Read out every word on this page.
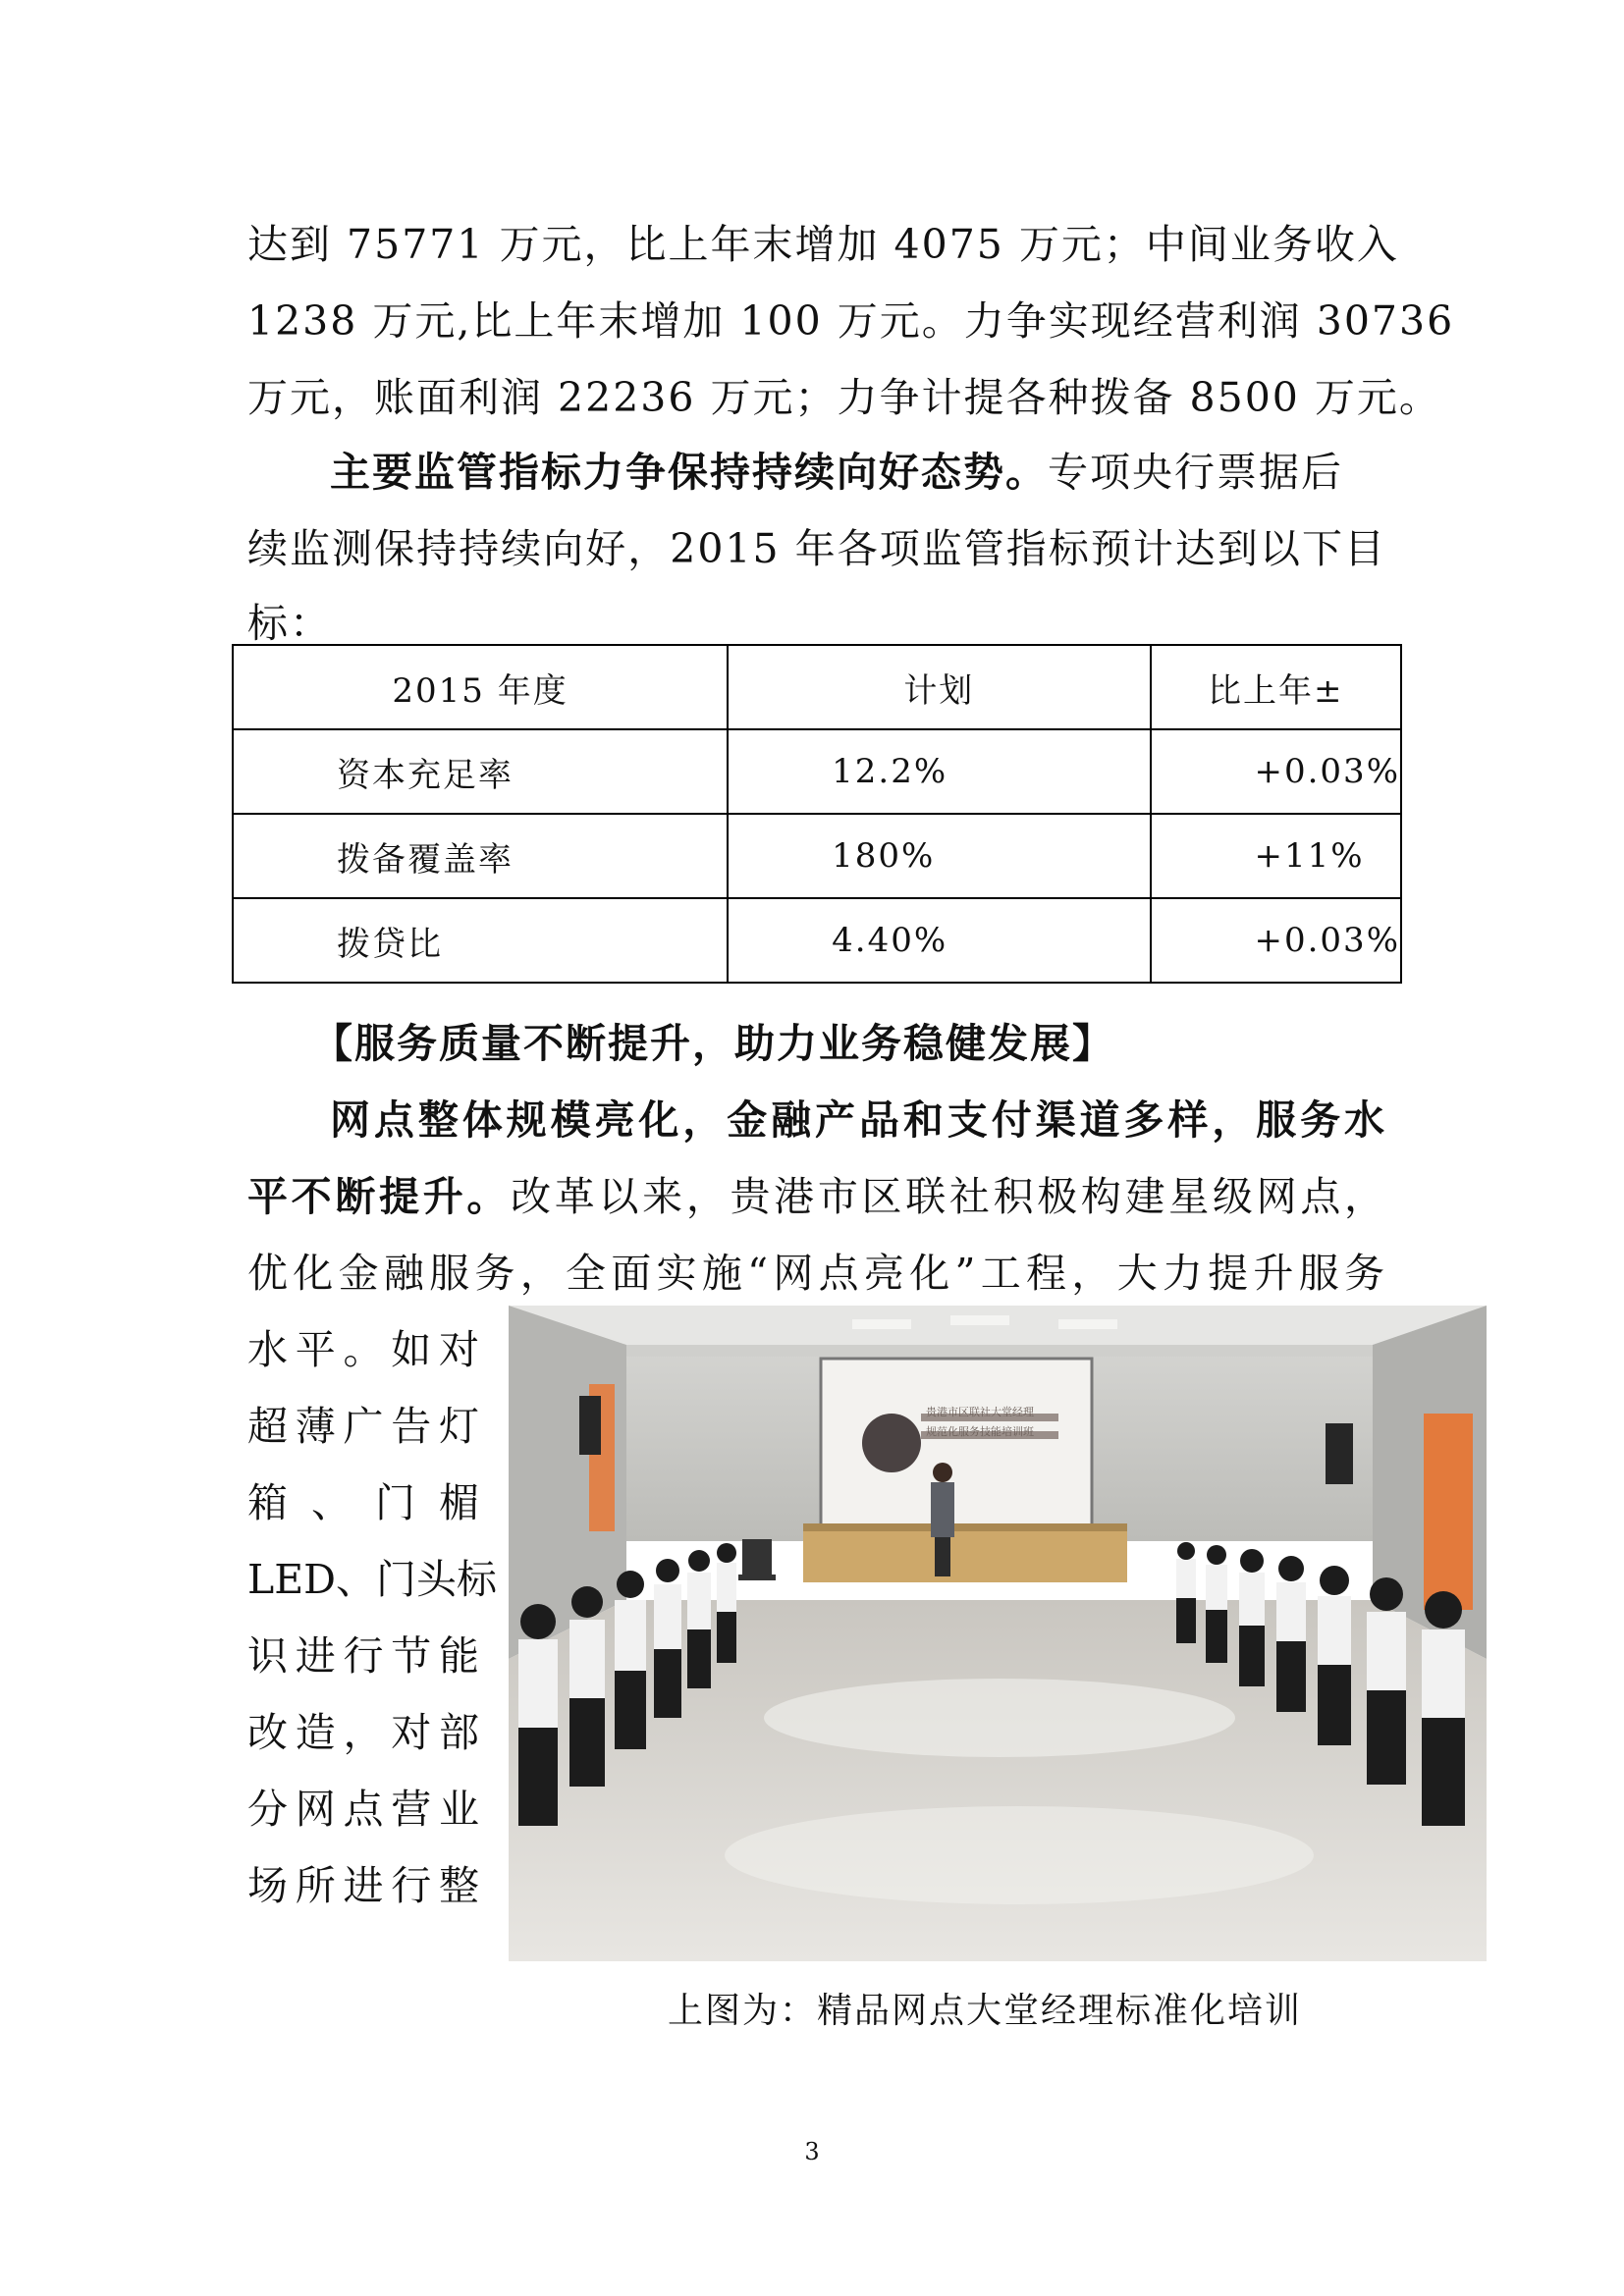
达到 75771 万元，比上年末增加 4075 万元；中间业务收入
1238 万元,比上年末增加 100 万元。力争实现经营利润 30736
万元，账面利润 22236 万元；力争计提各种拨备 8500 万元。
主要监管指标力争保持持续向好态势。专项央行票据后
续监测保持持续向好，2015 年各项监管指标预计达到以下目
标：
2015 年度	计划	比上年±
资本充足率	12.2%	+0.03%
拨备覆盖率	180%	+11%
拨贷比	4.40%	+0.03%
【服务质量不断提升，助力业务稳健发展】
网点整体规模亮化，金融产品和支付渠道多样，服务水
平不断提升。改革以来，贵港市区联社积极构建星级网点，
优化金融服务，全面实施“网点亮化”工程，大力提升服务
水平。如对
超薄广告灯
箱、门楣
LED、门头标
识进行节能
改造，对部
分网点营业
场所进行整
贵港市区联社大堂经理
规范化服务技能培训班
上图为：精品网点大堂经理标准化培训
3
